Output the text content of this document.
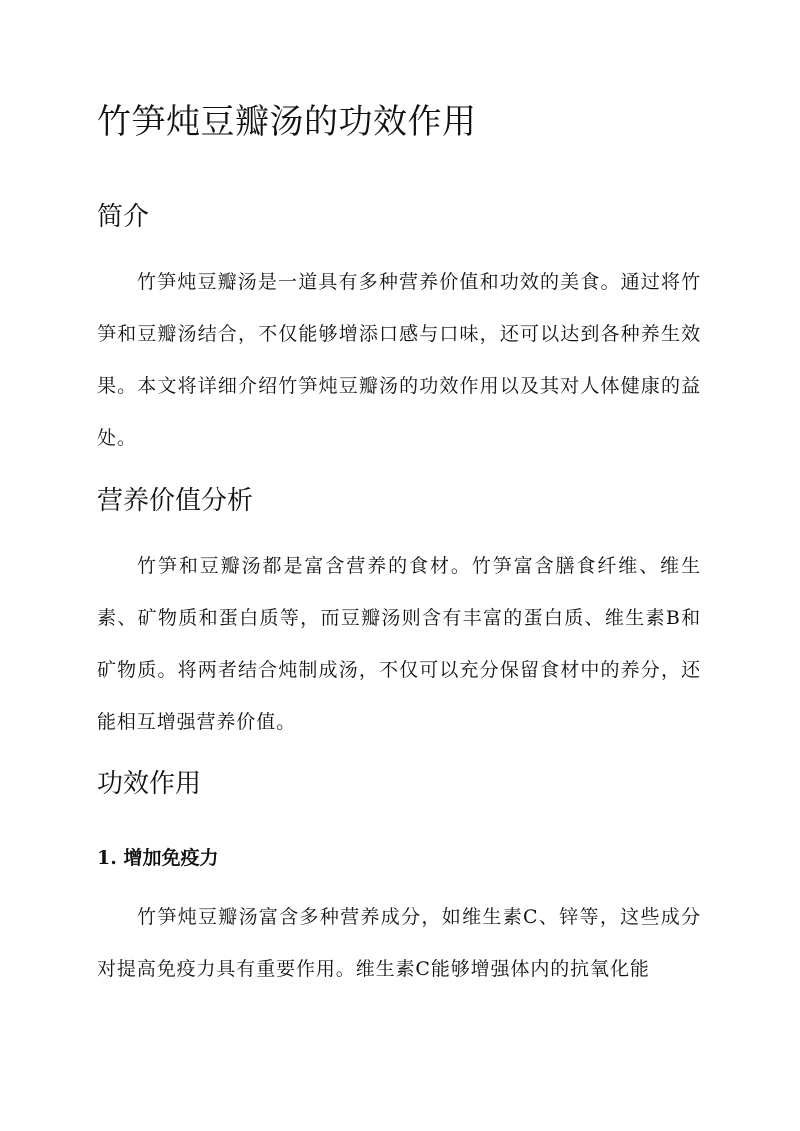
竹笋炖豆瓣汤的功效作用
简介

竹笋炖豆瓣汤是一道具有多种营养价值和功效的美食。通过将竹笋和豆瓣汤结合，不仅能够增添口感与口味，还可以达到各种养生效果。本文将详细介绍竹笋炖豆瓣汤的功效作用以及其对人体健康的益处。

营养价值分析

竹笋和豆瓣汤都是富含营养的食材。竹笋富含膳食纤维、维生素、矿物质和蛋白质等，而豆瓣汤则含有丰富的蛋白质、维生素B和矿物质。将两者结合炖制成汤，不仅可以充分保留食材中的养分，还能相互增强营养价值。

功效作用
1. 增加免疫力

竹笋炖豆瓣汤富含多种营养成分，如维生素C、锌等，这些成分对提高免疫力具有重要作用。维生素C能够增强体内的抗氧化能
